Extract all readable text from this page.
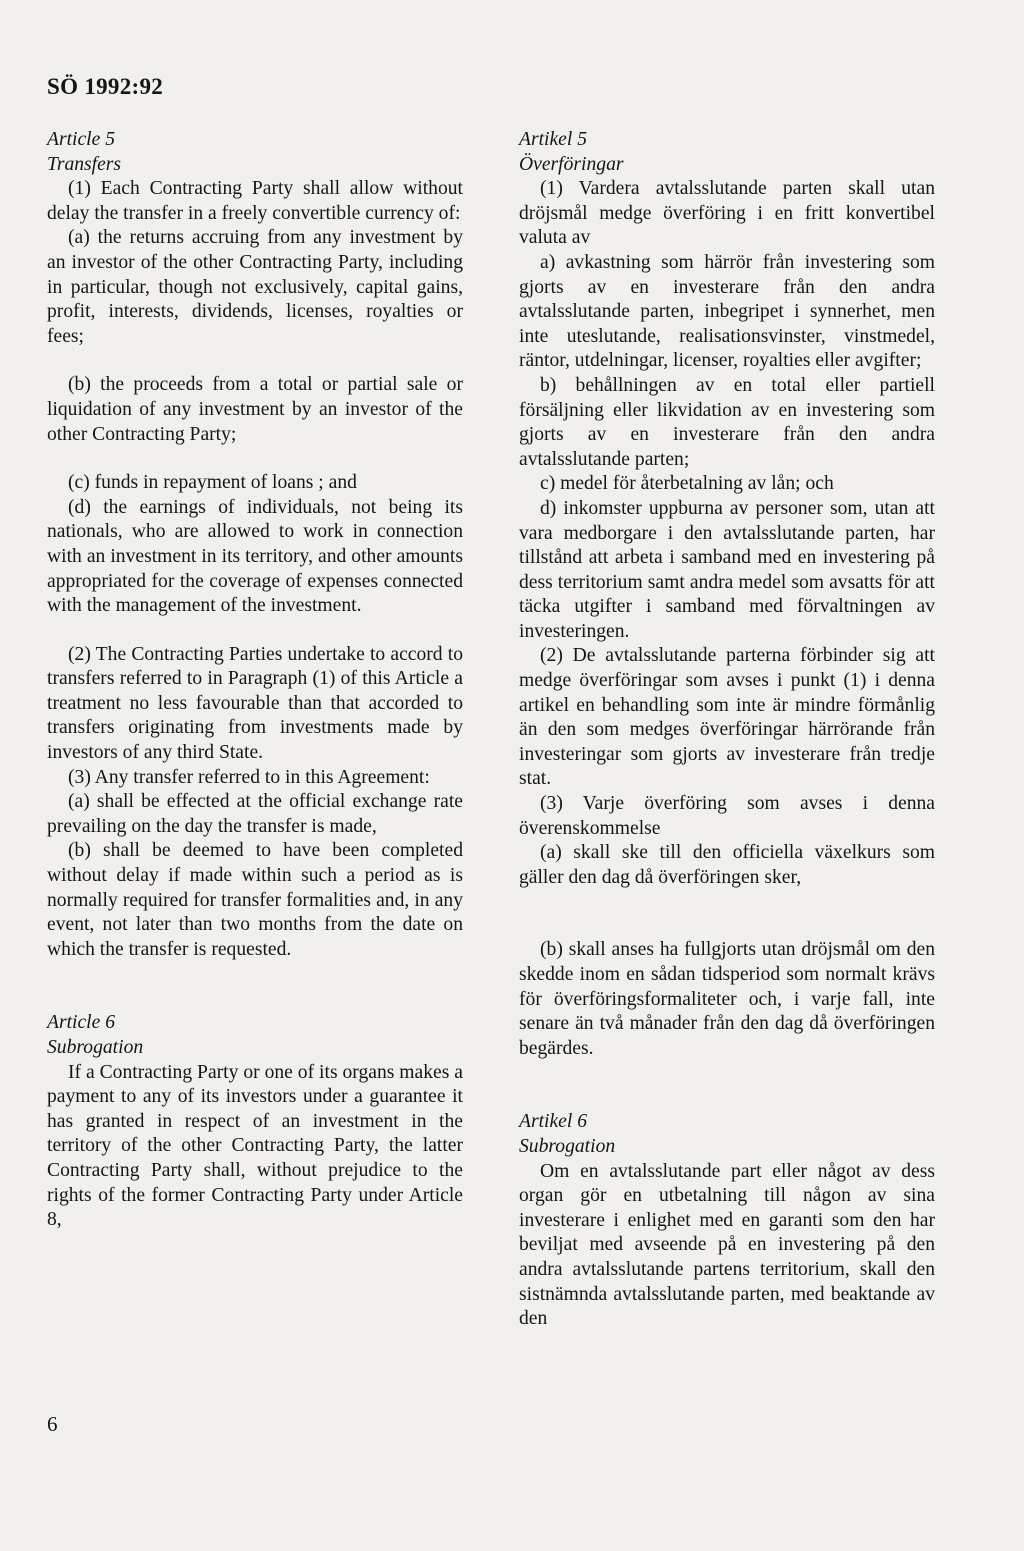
SÖ 1992:92

Article 5

Transfers

(1) Each Contracting Party shall allow without delay the transfer in a freely convertible currency of:

(a) the returns accruing from any investment by an investor of the other Contracting Party, including in particular, though not exclusively, capital gains, profit, interests, dividends, licenses, royalties or fees;

(b) the proceeds from a total or partial sale or liquidation of any investment by an investor of the other Contracting Party;

(c) funds in repayment of loans ; and

(d) the earnings of individuals, not being its nationals, who are allowed to work in connection with an investment in its territory, and other amounts appropriated for the coverage of expenses connected with the management of the investment.

(2) The Contracting Parties undertake to accord to transfers referred to in Paragraph (1) of this Article a treatment no less favourable than that accorded to transfers originating from investments made by investors of any third State.

(3) Any transfer referred to in this Agreement:

(a) shall be effected at the official exchange rate prevailing on the day the transfer is made,

(b) shall be deemed to have been completed without delay if made within such a period as is normally required for transfer formalities and, in any event, not later than two months from the date on which the transfer is requested.

Article 6

Subrogation

If a Contracting Party or one of its organs makes a payment to any of its investors under a guarantee it has granted in respect of an investment in the territory of the other Contracting Party, the latter Contracting Party shall, without prejudice to the rights of the former Contracting Party under Article 8,

Artikel 5

Överföringar

(1) Vardera avtalsslutande parten skall utan dröjsmål medge överföring i en fritt konvertibel valuta av

a) avkastning som härrör från investering som gjorts av en investerare från den andra avtalsslutande parten, inbegripet i synnerhet, men inte uteslutande, realisationsvinster, vinstmedel, räntor, utdelningar, licenser, royalties eller avgifter;

b) behållningen av en total eller partiell försäljning eller likvidation av en investering som gjorts av en investerare från den andra avtalsslutande parten;

c) medel för återbetalning av lån; och

d) inkomster uppburna av personer som, utan att vara medborgare i den avtalsslutande parten, har tillstånd att arbeta i samband med en investering på dess territorium samt andra medel som avsatts för att täcka utgifter i samband med förvaltningen av investeringen.

(2) De avtalsslutande parterna förbinder sig att medge överföringar som avses i punkt (1) i denna artikel en behandling som inte är mindre förmånlig än den som medges överföringar härrörande från investeringar som gjorts av investerare från tredje stat.

(3) Varje överföring som avses i denna överenskommelse

(a) skall ske till den officiella växelkurs som gäller den dag då överföringen sker,

(b) skall anses ha fullgjorts utan dröjsmål om den skedde inom en sådan tidsperiod som normalt krävs för överföringsformaliteter och, i varje fall, inte senare än två månader från den dag då överföringen begärdes.

Artikel 6

Subrogation

Om en avtalsslutande part eller något av dess organ gör en utbetalning till någon av sina investerare i enlighet med en garanti som den har beviljat med avseende på en investering på den andra avtalsslutande partens territorium, skall den sistnämnda avtalsslutande parten, med beaktande av den

6
